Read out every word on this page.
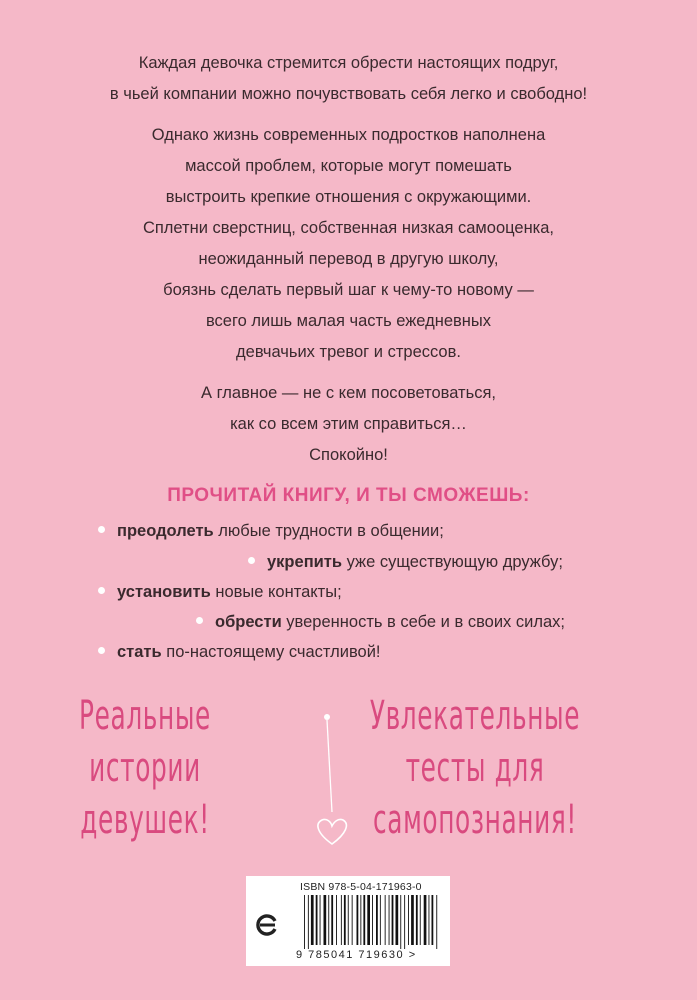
Каждая девочка стремится обрести настоящих подруг,
в чьей компании можно почувствовать себя легко и свободно!

Однако жизнь современных подростков наполнена
массой проблем, которые могут помешать
выстроить крепкие отношения с окружающими.
Сплетни сверстниц, собственная низкая самооценка,
неожиданный перевод в другую школу,
боязнь сделать первый шаг к чему-то новому —
всего лишь малая часть ежедневных
девчачьих тревог и стрессов.

А главное — не с кем посоветоваться,
как со всем этим справиться…
Спокойно!

ПРОЧИТАЙ КНИГУ, И ТЫ СМОЖЕШЬ:
преодолеть любые трудности в общении;
укрепить уже существующую дружбу;
установить новые контакты;
обрести уверенность в себе и в своих силах;
стать по-настоящему счастливой!
Реальные
истории
девушек!
Увлекательные
тесты для
самопознания!
ISBN 978-5-04-171963-0
9 785041 719630 >
